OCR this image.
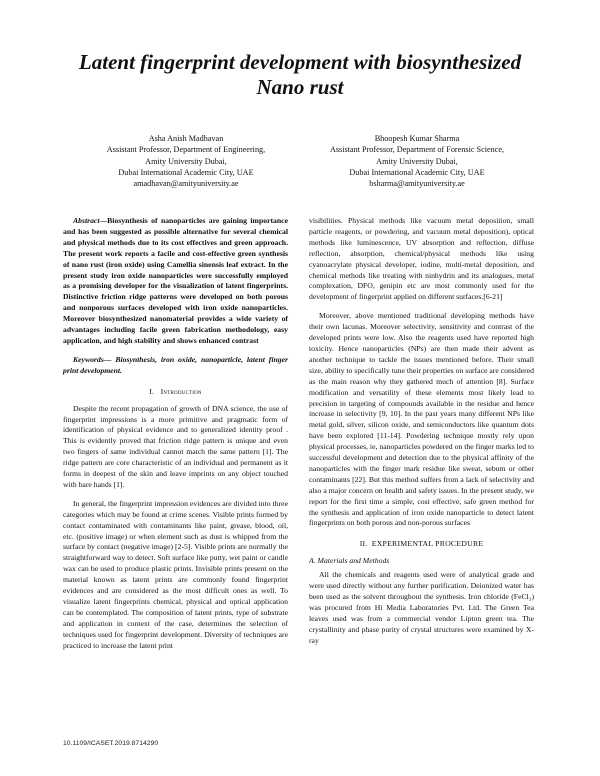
Latent fingerprint development with biosynthesized
Nano rust
Asha Anish Madhavan
Assistant Professor, Department of Engineering,
Amity University Dubai,
Dubai International Academic City, UAE
amadhavan@amityuniversity.ae
Bhoopesh Kumar Sharma
Assistant Professor, Department of Forensic Science,
Amity University Dubai,
Dubai International Academic City, UAE
bsharma@amityuniversity.ae

Abstract—Biosynthesis of nanoparticles are gaining importance and has been suggested as possible alternative for several chemical and physical methods due to its cost effectives and green approach. The present work reports a facile and cost-effective green synthesis of nano rust (iron oxide) using Camellia sinensis leaf extract. In the present study iron oxide nanoparticles were successfully employed as a promising developer for the visualization of latent fingerprints. Distinctive friction ridge patterns were developed on both porous and nonporous surfaces developed with iron oxide nanoparticles. Moreover biosynthesized nanomaterial provides a wide variety of advantages including facile green fabrication methodology, easy application, and high stability and shows enhanced contrast

Keywords— Biosynthesis, iron oxide, nanoparticle, latent finger print development.

I. Introduction

Despite the recent propagation of growth of DNA science, the use of fingerprint impressions is a more primitive and pragmatic form of identification of physical evidence and to generalized identity proof . This is evidently proved that friction ridge pattern is unique and even two fingers of same individual cannot match the same pattern [1]. The ridge pattern are core characteristic of an individual and permanent as it forms in deepest of the skin and leave imprints on any object touched with bare hands [1].

In general, the fingerprint impression evidences are divided into three categories which may be found at crime scenes. Visible prints formed by contact contaminated with contaminants like paint, grease, blood, oil, etc. (positive image) or when element such as dust is whipped from the surface by contact (negative image) [2-5]. Visible prints are normally the straightforward way to detect. Soft surface like putty, wet paint or candle wax can be used to produce plastic prints. Invisible prints present on the material known as latent prints are commonly found fingerprint evidences and are considered as the most difficult ones as well. To visualize latent fingerprints chemical, physical and optical application can be contemplated. The composition of latent prints, type of substrate and application in context of the case, determines the selection of techniques used for fingerprint development. Diversity of techniques are practiced to increase the latent print

visibilities. Physical methods like vacuum metal deposition, small particle reagents, or powdering, and vacuum metal deposition), optical methods like luminescence, UV absorption and reflection, diffuse reflection, absorption, chemical/physical methods like using cyanoacrylate physical developer, iodine, multi-metal deposition, and chemical methods like treating with ninhydrin and its analogues, metal complexation, DFO, genipin etc are most commonly used for the development of fingerprint applied on different surfaces.[6-21]

Moreover, above mentioned traditional developing methods have their own lacunas. Moreover selectivity, sensitivity and contrast of the developed prints were low. Also the reagents used have reported high toxicity. Hence nanoparticles (NPs) are then made their advent as another technique to tackle the issues mentioned before. Their small size, ability to specifically tune their properties on surface are considered as the main reason why they gathered much of attention [8]. Surface modification and versatility of these elements most likely lead to precision in targeting of compounds available in the residue and hence increase in selectivity [9, 10]. In the past years many different NPs like metal gold, silver, silicon oxide, and semiconductors like quantum dots have been explored [11-14]. Powdering technique mostly rely upon physical processes, ie, nanoparticles powdered on the finger marks led to successful development and detection due to the physical affinity of the nanoparticles with the finger mark residue like sweat, sebum or other contaminants [22]. But this method suffers from a lack of selectivity and also a major concern on health and safety issues. In the present study, we report for the first time a simple, cost effective, safe green method for the synthesis and application of iron oxide nanoparticle to detect latent fingerprints on both porous and non-porous surfaces

II. EXPERIMENTAL PROCEDURE

A. Materials and Methods

All the chemicals and reagents used were of analytical grade and were used directly without any further purification. Deionized water has been used as the solvent throughout the synthesis. Iron chloride (FeCl₃) was procured from Hi Media Laboratories Pvt. Ltd. The Green Tea leaves used was from a commercial vendor Lipton green tea. The crystallinity and phase purity of crystal structures were examined by X-ray

10.1109/ICASET.2019.8714290
